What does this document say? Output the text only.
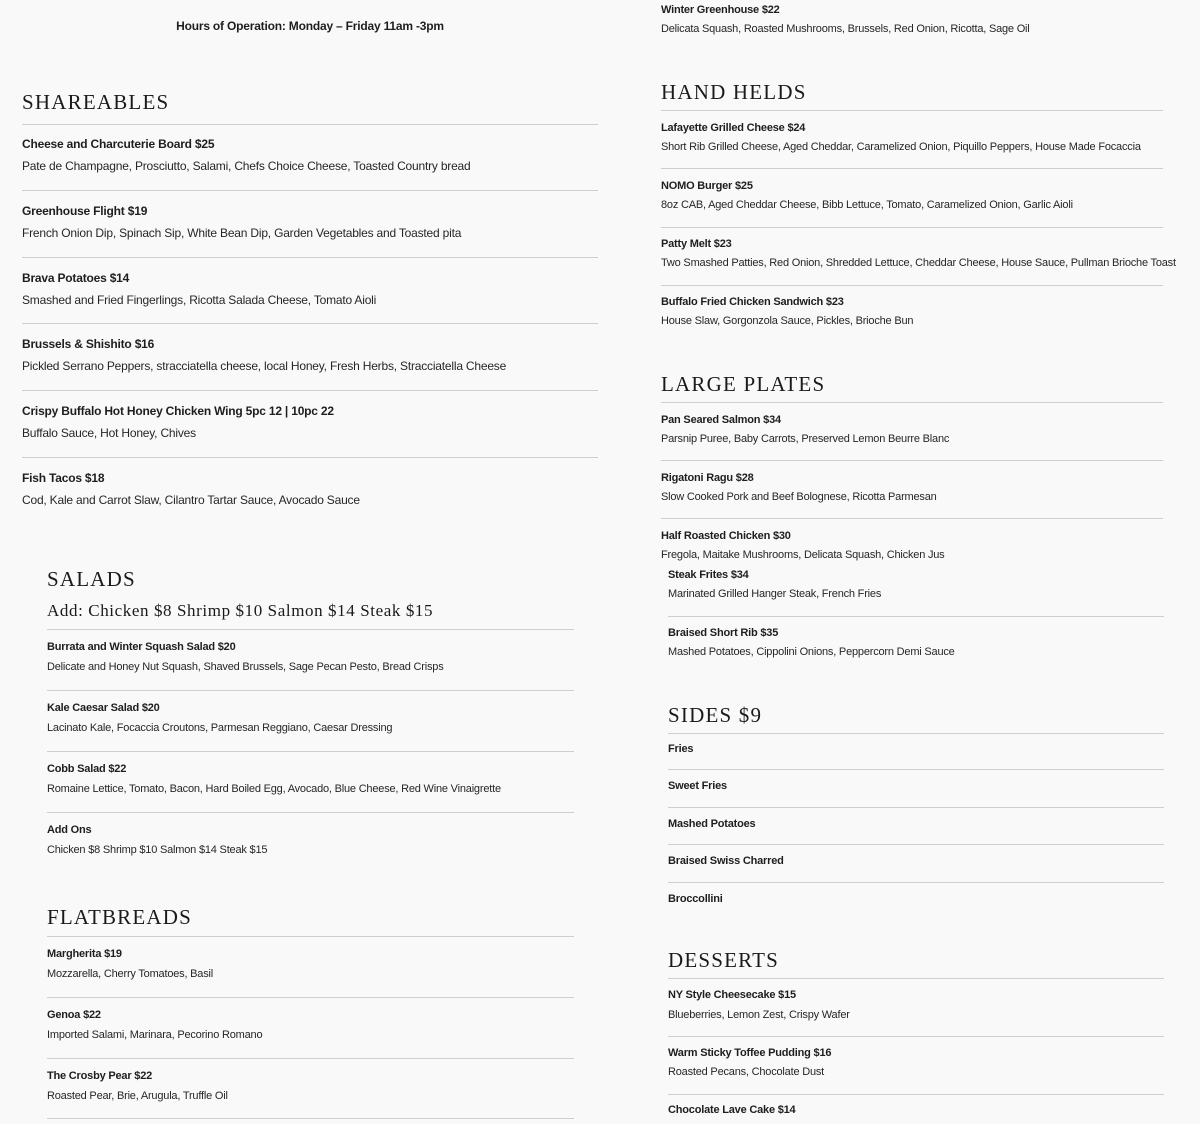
Hours of Operation: Monday – Friday 11am -3pm
SHAREABLES
Cheese and Charcuterie Board $25
Pate de Champagne, Prosciutto, Salami, Chefs Choice Cheese, Toasted Country bread
Greenhouse Flight $19
French Onion Dip, Spinach Sip, White Bean Dip, Garden Vegetables and Toasted pita
Brava Potatoes $14
Smashed and Fried Fingerlings, Ricotta Salada Cheese, Tomato Aioli
Brussels & Shishito $16
Pickled Serrano Peppers, stracciatella cheese, local Honey, Fresh Herbs, Stracciatella Cheese
Crispy Buffalo Hot Honey Chicken Wing 5pc 12 | 10pc 22
Buffalo Sauce, Hot Honey, Chives
Fish Tacos $18
Cod, Kale and Carrot Slaw, Cilantro Tartar Sauce, Avocado Sauce
SALADS
Add: Chicken $8 Shrimp $10 Salmon $14 Steak $15
Burrata and Winter Squash Salad $20
Delicate and Honey Nut Squash, Shaved Brussels, Sage Pecan Pesto, Bread Crisps
Kale Caesar Salad $20
Lacinato Kale, Focaccia Croutons, Parmesan Reggiano, Caesar Dressing
Cobb Salad $22
Romaine Lettice, Tomato, Bacon, Hard Boiled Egg, Avocado, Blue Cheese, Red Wine Vinaigrette
Add Ons
Chicken $8 Shrimp $10 Salmon $14 Steak $15
FLATBREADS
Margherita $19
Mozzarella, Cherry Tomatoes, Basil
Genoa $22
Imported Salami, Marinara, Pecorino Romano
The Crosby Pear $22
Roasted Pear, Brie, Arugula, Truffle Oil
Winter Greenhouse $22
Delicata Squash, Roasted Mushrooms, Brussels, Red Onion, Ricotta, Sage Oil
HAND HELDS
Lafayette Grilled Cheese $24
Short Rib Grilled Cheese, Aged Cheddar, Caramelized Onion, Piquillo Peppers, House Made Focaccia
NOMO Burger $25
8oz CAB, Aged Cheddar Cheese, Bibb Lettuce, Tomato, Caramelized Onion, Garlic Aioli
Patty Melt $23
Two Smashed Patties, Red Onion, Shredded Lettuce, Cheddar Cheese, House Sauce, Pullman Brioche Toast
Buffalo Fried Chicken Sandwich $23
House Slaw, Gorgonzola Sauce, Pickles, Brioche Bun
LARGE PLATES
Pan Seared Salmon $34
Parsnip Puree, Baby Carrots, Preserved Lemon Beurre Blanc
Rigatoni Ragu $28
Slow Cooked Pork and Beef Bolognese, Ricotta Parmesan
Half Roasted Chicken $30
Fregola, Maitake Mushrooms, Delicata Squash, Chicken Jus
Steak Frites $34
Marinated Grilled Hanger Steak, French Fries
Braised Short Rib $35
Mashed Potatoes, Cippolini Onions, Peppercorn Demi Sauce
SIDES $9
Fries
Sweet Fries
Mashed Potatoes
Braised Swiss Charred
Broccollini
DESSERTS
NY Style Cheesecake $15
Blueberries, Lemon Zest, Crispy Wafer
Warm Sticky Toffee Pudding $16
Roasted Pecans, Chocolate Dust
Chocolate Lave Cake $14
